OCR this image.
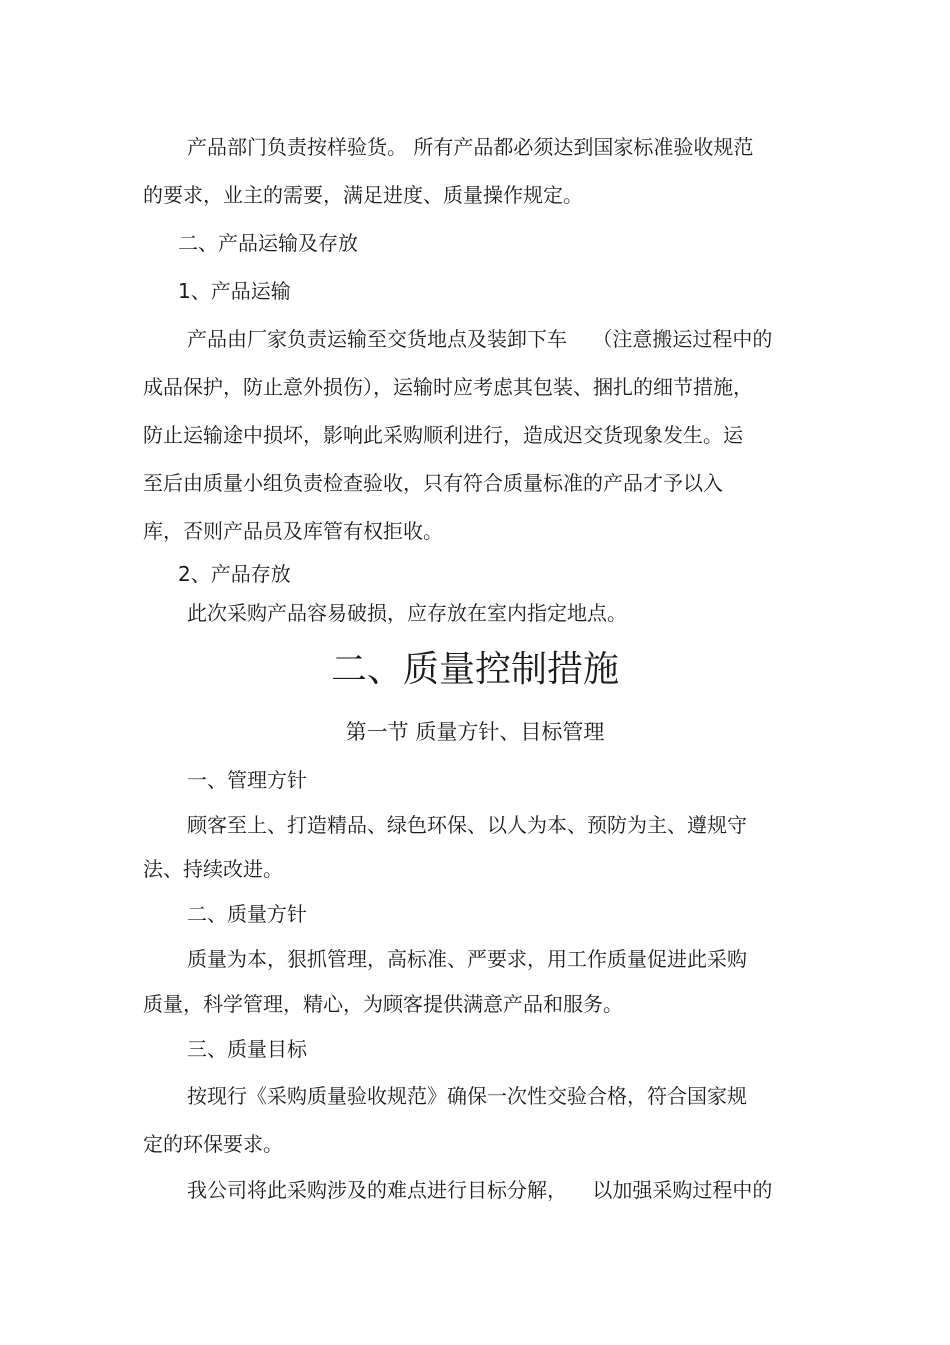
产品部门负责按样验货。 所有产品都必须达到国家标准验收规范
的要求，业主的需要，满足进度、质量操作规定。
二、产品运输及存放
1、产品运输
产品由厂家负责运输至交货地点及装卸下车    （注意搬运过程中的
成品保护，防止意外损伤），运输时应考虑其包装、捆扎的细节措施，
防止运输途中损坏，影响此采购顺利进行，造成迟交货现象发生。运
至后由质量小组负责检查验收，只有符合质量标准的产品才予以入
库，否则产品员及库管有权拒收。
2、产品存放
此次采购产品容易破损，应存放在室内指定地点。
二、质量控制措施
第一节 质量方针、目标管理
一、管理方针
顾客至上、打造精品、绿色环保、以人为本、预防为主、遵规守
法、持续改进。
二、质量方针
质量为本，狠抓管理，高标准、严要求，用工作质量促进此采购
质量，科学管理，精心，为顾客提供满意产品和服务。
三、质量目标
按现行《采购质量验收规范》确保一次性交验合格，符合国家规
定的环保要求。
我公司将此采购涉及的难点进行目标分解，    以加强采购过程中的
